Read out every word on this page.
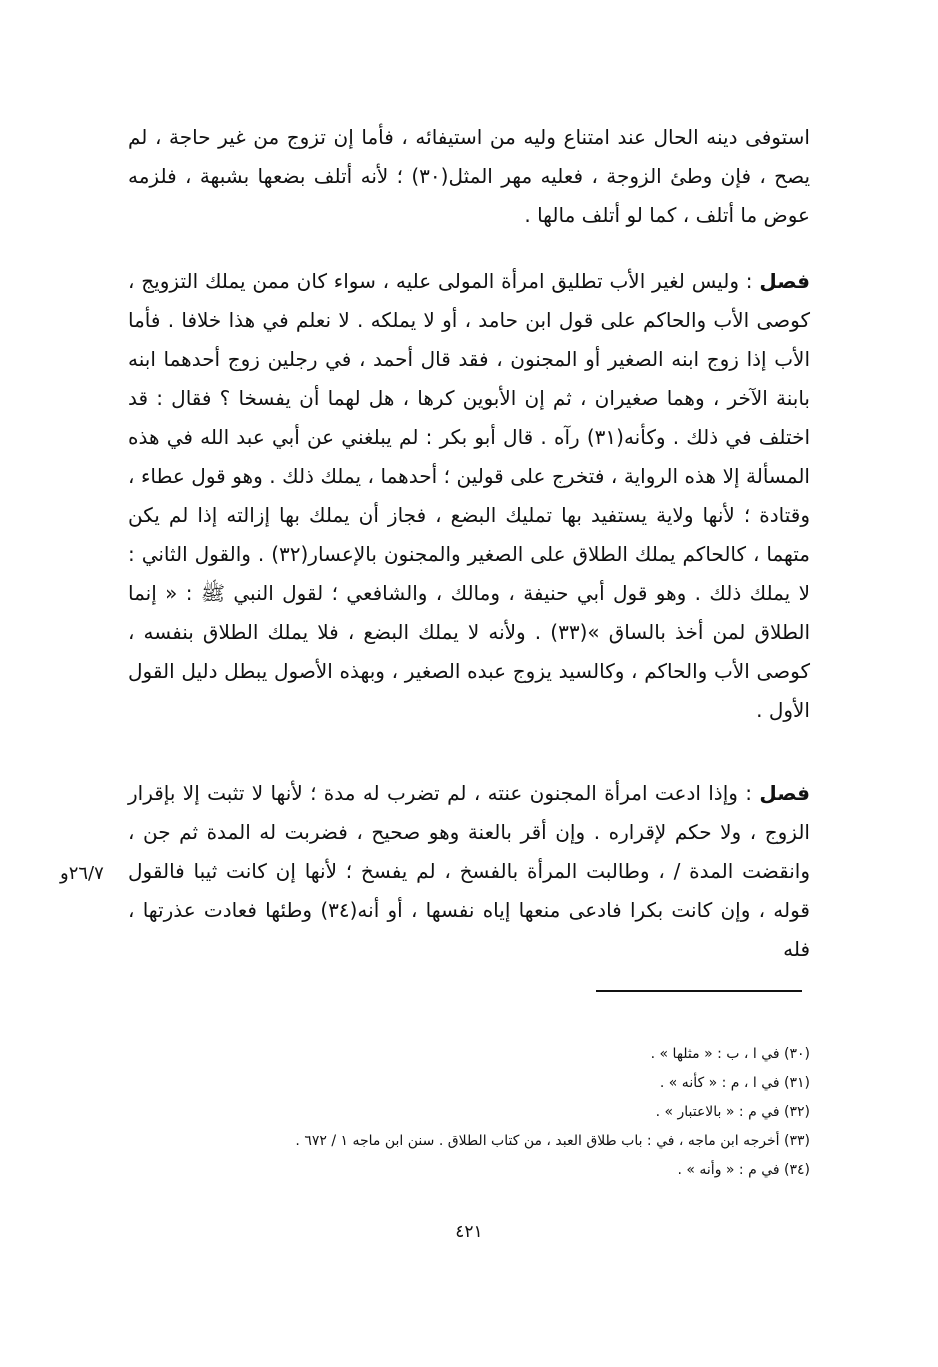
استوفى دينه الحال عند امتناع وليه من استيفائه ، فأما إن تزوج من غير حاجة ، لم يصح ، فإن وطئ الزوجة ، فعليه مهر المثل(٣٠) ؛ لأنه أتلف بضعها بشبهة ، فلزمه عوض ما أتلف ، كما لو أتلف مالها .

فصل : وليس لغير الأب تطليق امرأة المولى عليه ، سواء كان ممن يملك التزويج ، كوصى الأب والحاكم على قول ابن حامد ، أو لا يملكه . لا نعلم في هذا خلافا . فأما الأب إذا زوج ابنه الصغير أو المجنون ، فقد قال أحمد ، في رجلين زوج أحدهما ابنه بابنة الآخر ، وهما صغيران ، ثم إن الأبوين كرها ، هل لهما أن يفسخا ؟ فقال : قد اختلف في ذلك . وكأنه(٣١) رآه . قال أبو بكر : لم يبلغني عن أبي عبد الله في هذه المسألة إلا هذه الرواية ، فتخرج على قولين ؛ أحدهما ، يملك ذلك . وهو قول عطاء ، وقتادة ؛ لأنها ولاية يستفيد بها تمليك البضع ، فجاز أن يملك بها إزالته إذا لم يكن متهما ، كالحاكم يملك الطلاق على الصغير والمجنون بالإعسار(٣٢) . والقول الثاني : لا يملك ذلك . وهو قول أبي حنيفة ، ومالك ، والشافعي ؛ لقول النبي ﷺ : « إنما الطلاق لمن أخذ بالساق »(٣٣) . ولأنه لا يملك البضع ، فلا يملك الطلاق بنفسه ، كوصى الأب والحاكم ، وكالسيد يزوج عبده الصغير ، وبهذه الأصول يبطل دليل القول الأول .

فصل : وإذا ادعت امرأة المجنون عنته ، لم تضرب له مدة ؛ لأنها لا تثبت إلا بإقرار الزوج ، ولا حكم لإقراره . وإن أقر بالعنة وهو صحيح ، فضربت له المدة ثم جن ، وانقضت المدة / ، وطالبت المرأة بالفسخ ، لم يفسخ ؛ لأنها إن كانت ثيبا فالقول قوله ، وإن كانت بكرا فادعى منعها إياه نفسها ، أو أنه(٣٤) وطئها فعادت عذرتها ، فله

٢٦/٧و
(٣٠) في ا ، ب : « مثلها » .
(٣١) في ا ، م : « كأنه » .
(٣٢) في م : « بالاعتبار » .
(٣٣) أخرجه ابن ماجه ، في : باب طلاق العبد ، من كتاب الطلاق . سنن ابن ماجه ١ / ٦٧٢ .
(٣٤) في م : « وأنه » .
٤٢١
